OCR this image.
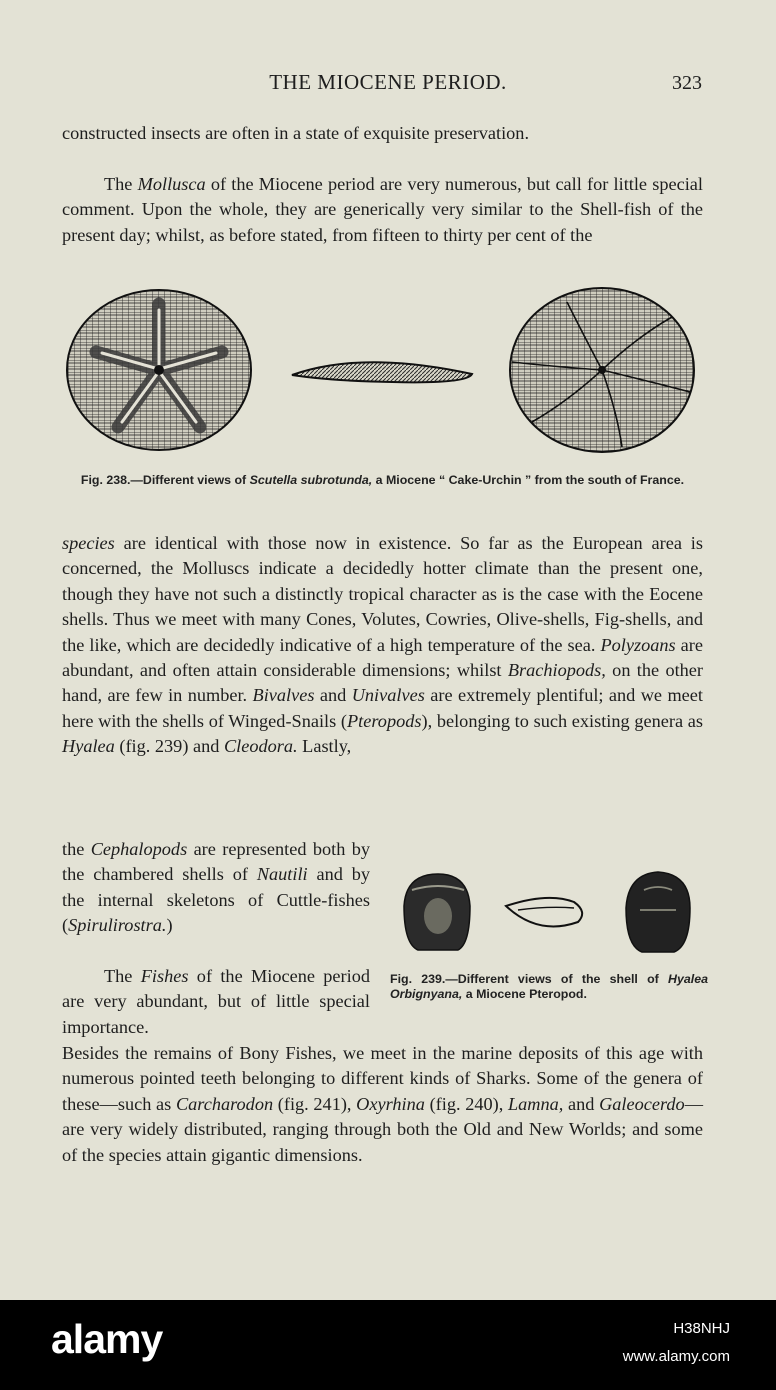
THE MIOCENE PERIOD.	323

constructed insects are often in a state of exquisite preservation.

The Mollusca of the Miocene period are very numerous, but call for little special comment. Upon the whole, they are generically very similar to the Shell-fish of the present day; whilst, as before stated, from fifteen to thirty per cent of the

Fig. 238.—Different views of Scutella subrotunda, a Miocene “ Cake-Urchin ” from the south of France.

species are identical with those now in existence. So far as the European area is concerned, the Molluscs indicate a decidedly hotter climate than the present one, though they have not such a distinctly tropical character as is the case with the Eocene shells. Thus we meet with many Cones, Volutes, Cowries, Olive-shells, Fig-shells, and the like, which are decidedly indicative of a high temperature of the sea. Polyzoans are abundant, and often attain considerable dimensions; whilst Brachiopods, on the other hand, are few in number. Bivalves and Univalves are extremely plentiful; and we meet here with the shells of Winged-Snails (Pteropods), belonging to such existing genera as Hyalea (fig. 239) and Cleodora. Lastly,

the Cephalopods are represented both by the chambered shells of Nautili and by the internal skeletons of Cuttle-fishes (Spirulirostra.)

The Fishes of the Miocene period are very abundant, but of little special importance.

Fig. 239.—Different views of the shell of Hyalea Orbignyana, a Miocene Pteropod.

Besides the remains of Bony Fishes, we meet in the marine deposits of this age with numerous pointed teeth belonging to different kinds of Sharks. Some of the genera of these—such as Carcharodon (fig. 241), Oxyrhina (fig. 240), Lamna, and Galeocerdo—are very widely distributed, ranging through both the Old and New Worlds; and some of the species attain gigantic dimensions.

alamy	H38NHJ
www.alamy.com
